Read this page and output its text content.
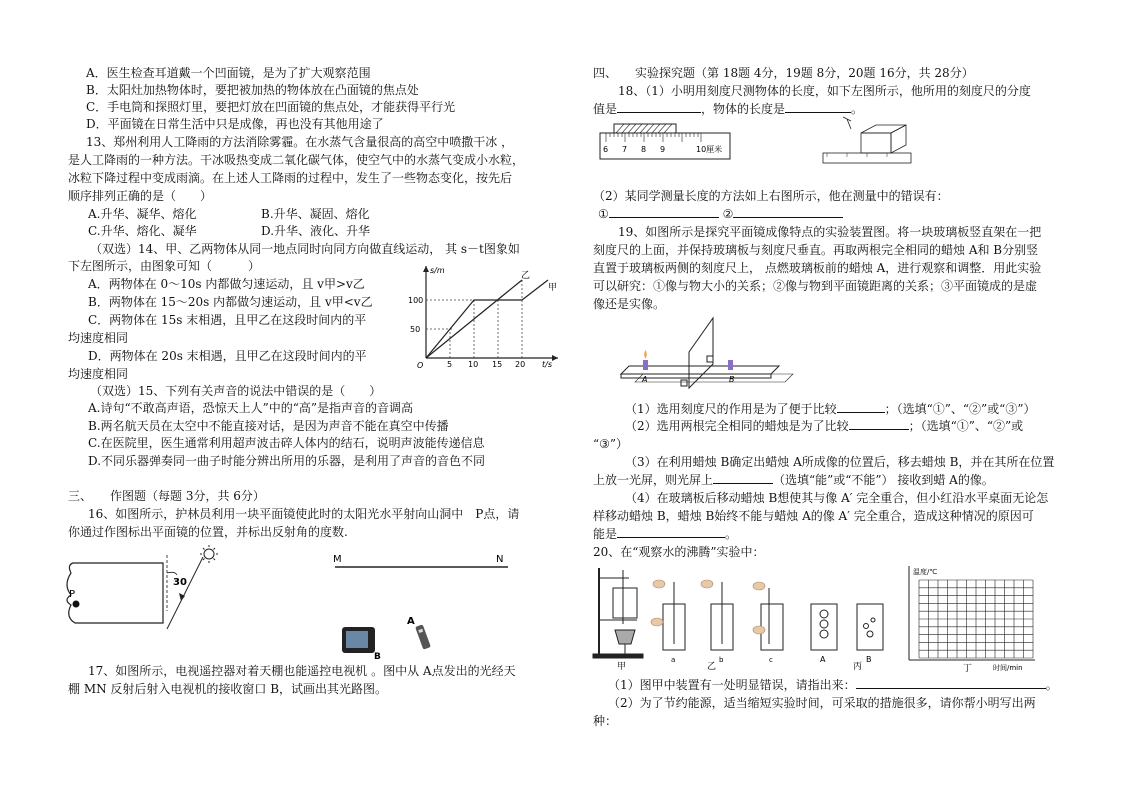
A．医生检查耳道戴一个凹面镜，是为了扩大观察范围
B．太阳灶加热物体时，要把被加热的物体放在凸面镜的焦点处
C．手电筒和探照灯里，要把灯放在凹面镜的焦点处，才能获得平行光
D．平面镜在日常生活中只是成像，再也没有其他用途了
13、郑州利用人工降雨的方法消除雾霾。在水蒸气含量很高的高空中喷撒干冰 ，
是人工降雨的一种方法。干冰吸热变成二氧化碳气体，使空气中的水蒸气变成小水粒，
冰粒下降过程中变成雨滴。在上述人工降雨的过程中，发生了一些物态变化，按先后
顺序排列正确的是（　　）
A.升华、凝华、熔化	B.升华、凝固、熔化
C.升华、熔化、凝华	D.升华、液化、升华
（双选）14、甲、乙两物体从同一地点同时向同方向做直线运动， 其 s－t图象如
下左图所示，由图象可知（　　　）
A．两物体在 0～10s 内都做匀速运动，且 v甲>v乙
B．两物体在 15～20s 内都做匀速运动，且 v甲<v乙
C．两物体在 15s 末相遇，且甲乙在这段时间内的平
均速度相同
D．两物体在 20s 末相遇，且甲乙在这段时间内的平
均速度相同
s/m
t/s
O
100
50
5 10 15 20
甲
乙
（双选）15、下列有关声音的说法中错误的是（　　）
A.诗句“不敢高声语，恐惊天上人”中的“高”是指声音的音调高
B.两名航天员在太空中不能直接对话，是因为声音不能在真空中传播
C.在医院里，医生通常利用超声波击碎人体内的结石，说明声波能传递信息
D.不同乐器弹奏同一曲子时能分辨出所用的乐器，是利用了声音的音色不同
三、　　作图题（每题 3分，共 6分）
16、如图所示，护林员利用一块平面镜使此时的太阳光水平射向山洞中　P点，请
你通过作图标出平面镜的位置，并标出反射角的度数.
P
30
M	N
B
A
17、如图所示，电视遥控器对着天棚也能遥控电视机 。图中从 A点发出的光经天
棚 MN 反射后射入电视机的接收窗口 B，试画出其光路图。
四、　　实验探究题（第 18题 4分，19题 8分，20题 16分，共 28分）
18、（1）小明用刻度尺测物体的长度，如下左图所示，他所用的刻度尺的分度
值是	，物体的长度是	。
6 7 8 9	10厘米
（2）某同学测量长度的方法如上右图所示，他在测量中的错误有：
①	②
19、如图所示是探究平面镜成像特点的实验装置图。将一块玻璃板竖直架在一把
刻度尺的上面，并保持玻璃板与刻度尺垂直。再取两根完全相同的蜡烛 A和 B分别竖
直置于玻璃板两侧的刻度尺上， 点燃玻璃板前的蜡烛 A，进行观察和调整．用此实验
可以研究：①像与物大小的关系；②像与物到平面镜距离的关系；③平面镜成的是虚
像还是实像。
A	B
（1）选用刻度尺的作用是为了便于比较	；（选填“①”、“②”或“③”）
（2）选用两根完全相同的蜡烛是为了比较	；（选填“①”、“②”或
“③”）
（3）在利用蜡烛 B确定出蜡烛 A所成像的位置后，移去蜡烛 B，并在其所在位置
上放一光屏，则光屏上	（选填“能”或“不能”） 接收到蜡 A的像。
（4）在玻璃板后移动蜡烛 B想使其与像 A′ 完全重合，但小红沿水平桌面无论怎
样移动蜡烛 B，蜡烛 B始终不能与蜡烛 A的像 A′ 完全重合，造成这种情况的原因可
能是	。
20、在“观察水的沸腾”实验中：
甲
a	b	c
乙
A	B
丙
温度/℃
时间/min
丁
（1）图甲中装置有一处明显错误，请指出来：	。
（2）为了节约能源，适当缩短实验时间，可采取的措施很多，请你帮小明写出两
种：
